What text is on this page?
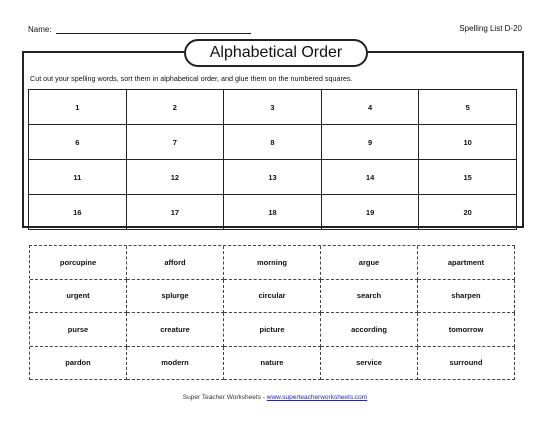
Name:	Spelling List D-20
Alphabetical Order
Cut out your spelling words, sort them in alphabetical order, and glue them on the numbered squares.
1	2	3	4	5
6	7	8	9	10
11	12	13	14	15
16	17	18	19	20
porcupine	afford	morning	argue	apartment
urgent	splurge	circular	search	sharpen
purse	creature	picture	according	tomorrow
pardon	modern	nature	service	surround
Super Teacher Worksheets - www.superteacherworksheets.com
